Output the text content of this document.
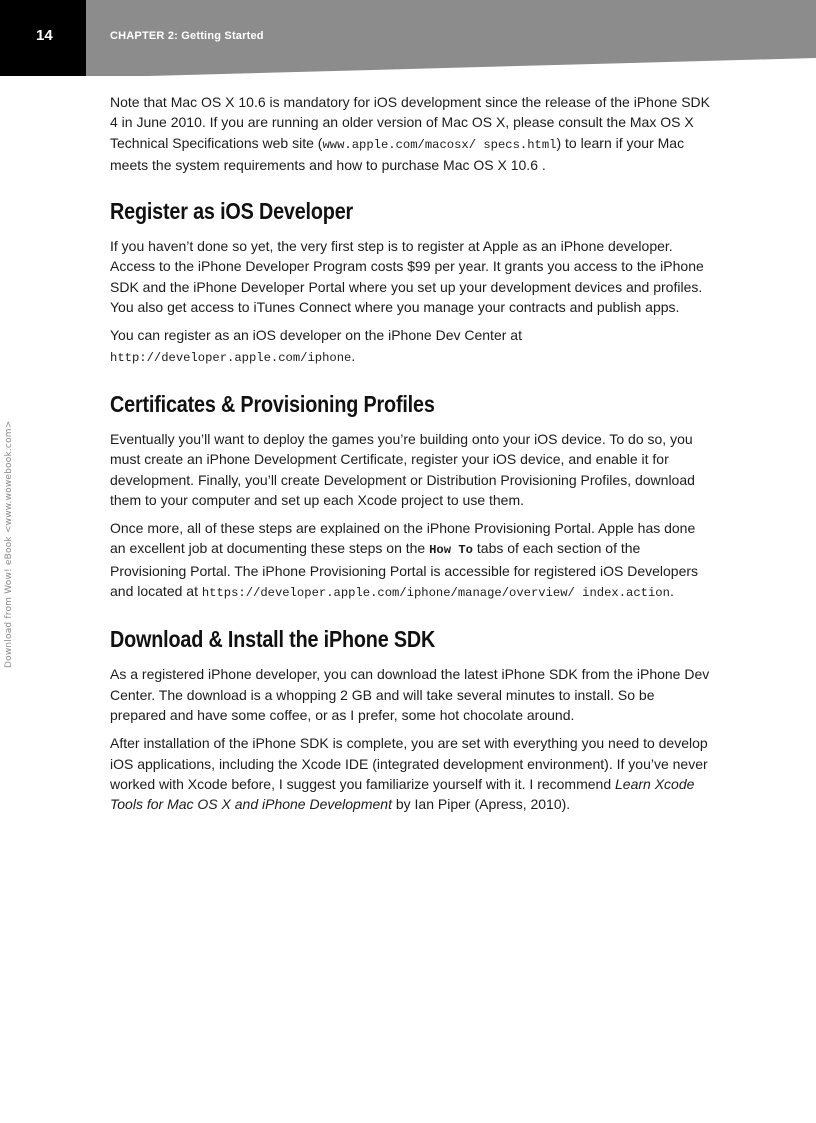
14	CHAPTER 2: Getting Started
Download from Wow! eBook <www.wowebook.com>

Note that Mac OS X 10.6 is mandatory for iOS development since the release of the iPhone SDK 4 in June 2010. If you are running an older version of Mac OS X, please consult the Max OS X Technical Specifications web site (www.apple.com/macosx/ specs.html) to learn if your Mac meets the system requirements and how to purchase Mac OS X 10.6 .

Register as iOS Developer

If you haven’t done so yet, the very first step is to register at Apple as an iPhone developer. Access to the iPhone Developer Program costs $99 per year. It grants you access to the iPhone SDK and the iPhone Developer Portal where you set up your development devices and profiles. You also get access to iTunes Connect where you manage your contracts and publish apps.

You can register as an iOS developer on the iPhone Dev Center at
http://developer.apple.com/iphone.

Certificates & Provisioning Profiles

Eventually you’ll want to deploy the games you’re building onto your iOS device. To do so, you must create an iPhone Development Certificate, register your iOS device, and enable it for development. Finally, you’ll create Development or Distribution Provisioning Profiles, download them to your computer and set up each Xcode project to use them.

Once more, all of these steps are explained on the iPhone Provisioning Portal. Apple has done an excellent job at documenting these steps on the How To tabs of each section of the Provisioning Portal. The iPhone Provisioning Portal is accessible for registered iOS Developers and located at https://developer.apple.com/iphone/manage/overview/ index.action.

Download & Install the iPhone SDK

As a registered iPhone developer, you can download the latest iPhone SDK from the iPhone Dev Center. The download is a whopping 2 GB and will take several minutes to install. So be prepared and have some coffee, or as I prefer, some hot chocolate around.

After installation of the iPhone SDK is complete, you are set with everything you need to develop iOS applications, including the Xcode IDE (integrated development environment). If you’ve never worked with Xcode before, I suggest you familiarize yourself with it. I recommend Learn Xcode Tools for Mac OS X and iPhone Development by Ian Piper (Apress, 2010).
